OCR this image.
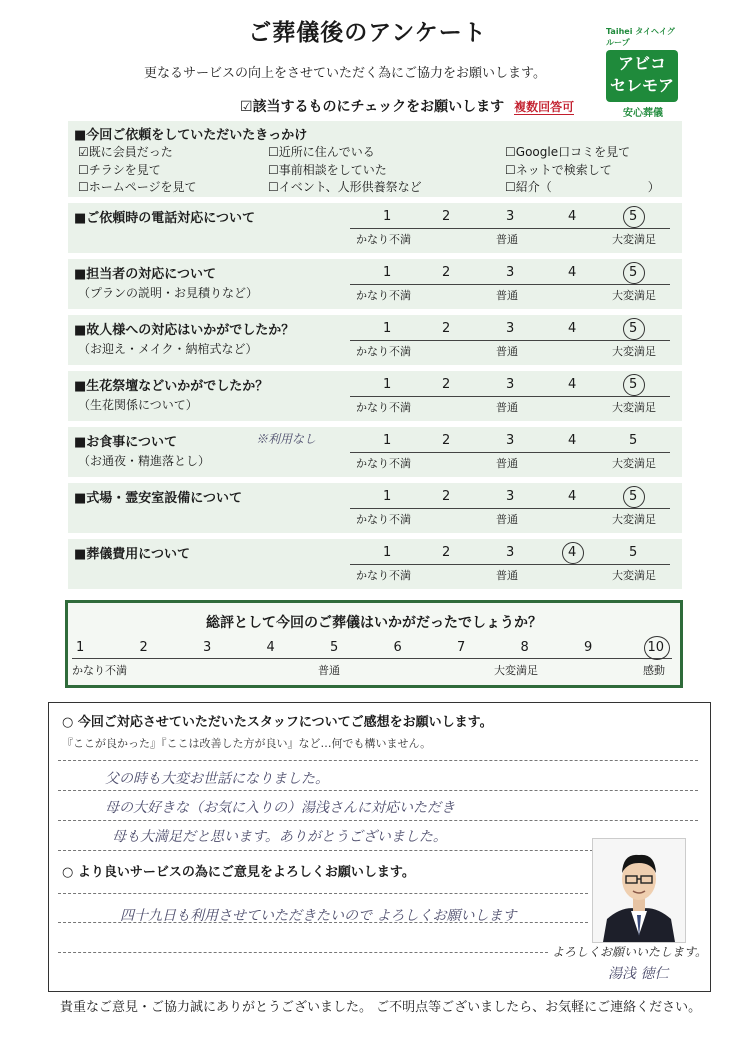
ご葬儀後のアンケート
更なるサービスの向上をさせていただく為にご協力をお願いします。
Taihei タイヘイグループ
アビコ
セレモア
安心葬儀
☑該当するものにチェックをお願いします 複数回答可
■今回ご依頼をしていただいたきっかけ
☑既に会員だった
☐チラシを見て
☐ホームページを見て
☐近所に住んでいる
☐事前相談をしていた
☐イベント、人形供養祭など
☐Google口コミを見て
☐ネットで検索して
☐紹介（　　　　　　　　）
■ご依頼時の電話対応について	1	2	3	4	5
かなり不満	普通	大変満足
■担当者の対応について
（プランの説明・お見積りなど）
1	2	3	4	5
かなり不満	普通	大変満足
■故人様への対応はいかがでしたか？
（お迎え・メイク・納棺式など）
1	2	3	4	5
かなり不満	普通	大変満足
■生花祭壇などいかがでしたか？
（生花関係について）
1	2	3	4	5
かなり不満	普通	大変満足
■お食事について
（お通夜・精進落とし）
※利用なし	1	2	3	4	5
かなり不満	普通	大変満足
■式場・霊安室設備について	1	2	3	4	5
かなり不満	普通	大変満足
■葬儀費用について	1	2	3	4	5
かなり不満	普通	大変満足
総評として今回のご葬儀はいかがだったでしょうか？
1	2	3	4	5	6	7	8	9	10
かなり不満	普通	大変満足	感動
○ 今回ご対応させていただいたスタッフについてご感想をお願いします。
『ここが良かった』『ここは改善した方が良い』など…何でも構いません。
父の時も大変お世話になりました。
母の大好きな（お気に入りの）湯浅さんに対応いただき
母も大満足だと思います。ありがとうございました。
○ より良いサービスの為にご意見をよろしくお願いします。
四十九日も利用させていただきたいので よろしくお願いします
よろしくお願いいたします。
湯浅 徳仁
貴重なご意見・ご協力誠にありがとうございました。 ご不明点等ございましたら、お気軽にご連絡ください。
